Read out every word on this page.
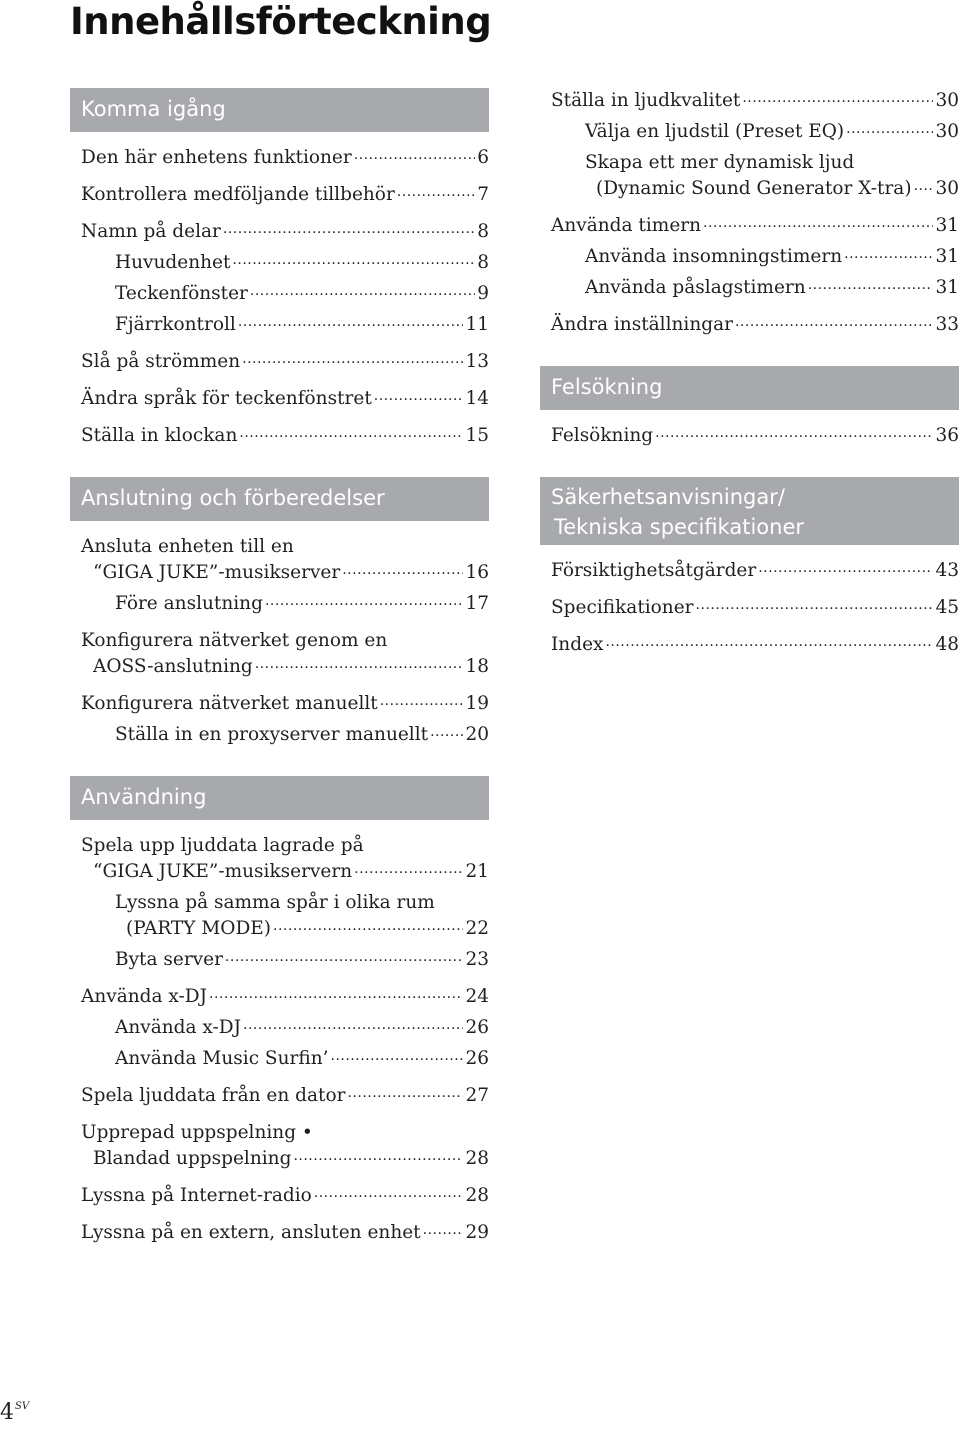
Innehållsförteckning
Komma igång
Den här enhetens funktioner .....	6
Kontrollera medföljande tillbehör .....	7
Namn på delar .....	8
Huvudenhet .....	8
Teckenfönster .....	9
Fjärrkontroll .....	11
Slå på strömmen .....	13
Ändra språk för teckenfönstret .....	14
Ställa in klockan .....	15
Anslutning och förberedelser
Ansluta enheten till en
“GIGA JUKE”-musikserver .....	16
Före anslutning .....	17
Konfigurera nätverket genom en
AOSS-anslutning .....	18
Konfigurera nätverket manuellt .....	19
Ställa in en proxyserver manuellt ..... 20
Användning
Spela upp ljuddata lagrade på
“GIGA JUKE”-musikservern .....	21
Lyssna på samma spår i olika rum
(PARTY MODE) .....	22
Byta server .....	23
Använda x-DJ .....	24
Använda x-DJ .....	26
Använda Music Surfin’ .....	26
Spela ljuddata från en dator .....	27
Upprepad uppspelning •
Blandad uppspelning .....	28
Lyssna på Internet-radio .....	28
Lyssna på en extern, ansluten enhet ..... 29
Ställa in ljudkvalitet .....	30
Välja en ljudstil (Preset EQ) .....	30
Skapa ett mer dynamisk ljud
(Dynamic Sound Generator X-tra) ..... 30
Använda timern .....	31
Använda insomningstimern .....	31
Använda påslagstimern .....	31
Ändra inställningar .....	33
Felsökning
Felsökning .....	36
Säkerhetsanvisningar/
Tekniska specifikationer
Försiktighetsåtgärder .....	43
Specifikationer .....	45
Index .....	48
$4^{SV}$
